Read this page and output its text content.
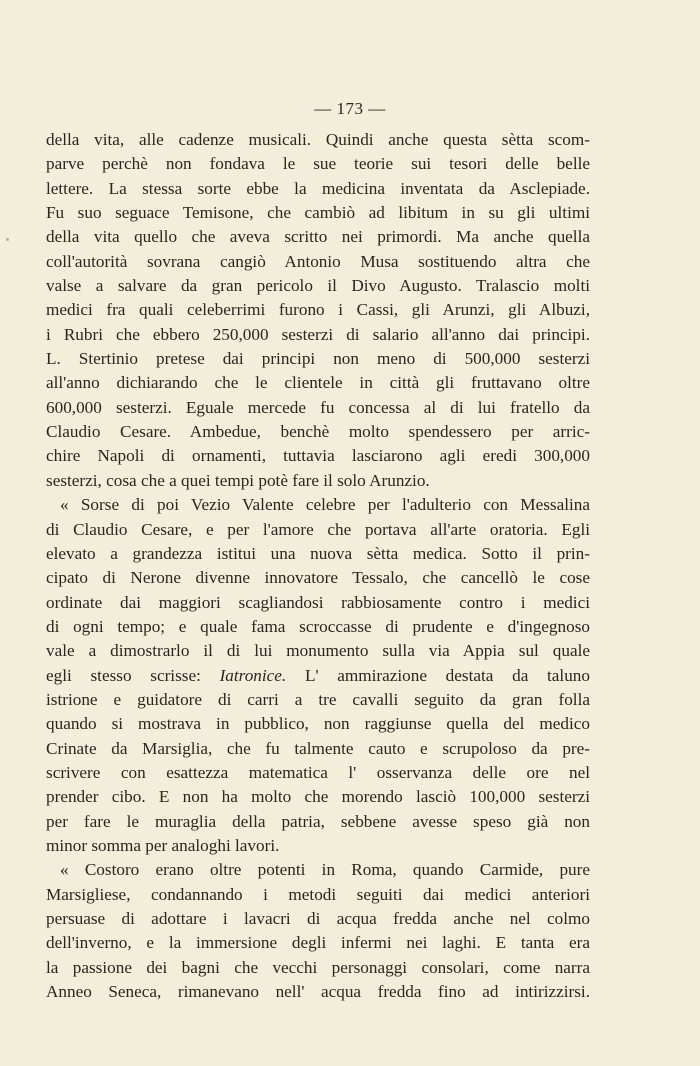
— 173 —
della vita, alle cadenze musicali. Quindi anche questa sètta scom-
parve perchè non fondava le sue teorie sui tesori delle belle
lettere. La stessa sorte ebbe la medicina inventata da Asclepiade.
Fu suo seguace Temisone, che cambiò ad libitum in su gli ultimi
della vita quello che aveva scritto nei primordi. Ma anche quella
coll'autorità sovrana cangiò Antonio Musa sostituendo altra che
valse a salvare da gran pericolo il Divo Augusto. Tralascio molti
medici fra quali celeberrimi furono i Cassi, gli Arunzi, gli Albuzi,
i Rubri che ebbero 250,000 sesterzi di salario all'anno dai principi.
L. Stertinio pretese dai principi non meno di 500,000 sesterzi
all'anno dichiarando che le clientele in città gli fruttavano oltre
600,000 sesterzi. Eguale mercede fu concessa al di lui fratello da
Claudio Cesare. Ambedue, benchè molto spendessero per arric-
chire Napoli di ornamenti, tuttavia lasciarono agli eredi 300,000
sesterzi, cosa che a quei tempi potè fare il solo Arunzio.
« Sorse di poi Vezio Valente celebre per l'adulterio con Messalina
di Claudio Cesare, e per l'amore che portava all'arte oratoria. Egli
elevato a grandezza istitui una nuova sètta medica. Sotto il prin-
cipato di Nerone divenne innovatore Tessalo, che cancellò le cose
ordinate dai maggiori scagliandosi rabbiosamente contro i medici
di ogni tempo; e quale fama scroccasse di prudente e d'ingegnoso
vale a dimostrarlo il di lui monumento sulla via Appia sul quale
egli stesso scrisse: Iatronice. L' ammirazione destata da taluno
istrione e guidatore di carri a tre cavalli seguito da gran folla
quando si mostrava in pubblico, non raggiunse quella del medico
Crinate da Marsiglia, che fu talmente cauto e scrupoloso da pre-
scrivere con esattezza matematica l' osservanza delle ore nel
prender cibo. E non ha molto che morendo lasciò 100,000 sesterzi
per fare le muraglia della patria, sebbene avesse speso già non
minor somma per analoghi lavori.
« Costoro erano oltre potenti in Roma, quando Carmide, pure
Marsigliese, condannando i metodi seguiti dai medici anteriori
persuase di adottare i lavacri di acqua fredda anche nel colmo
dell'inverno, e la immersione degli infermi nei laghi. E tanta era
la passione dei bagni che vecchi personaggi consolari, come narra
Anneo Seneca, rimanevano nell' acqua fredda fino ad intirizzirsi.
